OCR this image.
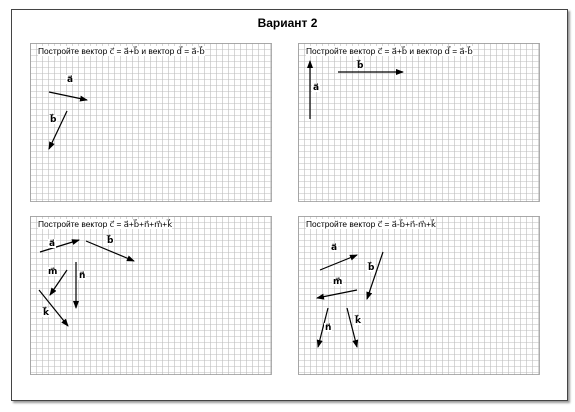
Вариант 2
Постройте вектор c⃗ = a⃗+b⃗ и вектор d⃗ = a⃗-b⃗
a⃗
b⃗
Постройте вектор c⃗ = a⃗+b⃗ и вектор d⃗ = a⃗-b⃗
a⃗
b⃗
Постройте вектор c⃗ = a⃗+b⃗+n⃗+m⃗+k⃗
a⃗	b⃗
m⃗ n⃗
k⃗
Постройте вектор c⃗ = a⃗-b⃗+n⃗-m⃗+k⃗
a⃗
b⃗
m⃗
n⃗
k⃗
